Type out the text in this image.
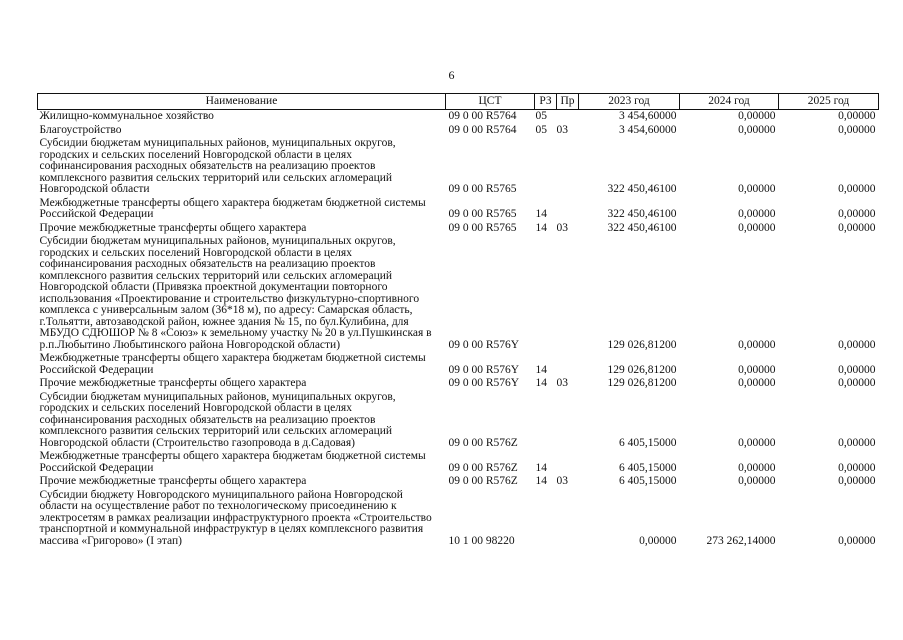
6
Наименование	ЦСТ	РЗ	Пр	2023 год	2024 год	2025 год
Жилищно-коммунальное хозяйство	09 0 00 R5764	05		3 454,60000	0,00000	0,00000
Благоустройство	09 0 00 R5764	05	03	3 454,60000	0,00000	0,00000
Субсидии бюджетам муниципальных районов, муниципальных округов, городских и сельских поселений Новгородской области в целях софинансирования расходных обязательств на реализацию проектов комплексного развития сельских территорий или сельских агломераций Новгородской области	09 0 00 R5765			322 450,46100	0,00000	0,00000
Межбюджетные трансферты общего характера бюджетам бюджетной системы Российской Федерации	09 0 00 R5765	14		322 450,46100	0,00000	0,00000
Прочие межбюджетные трансферты общего характера	09 0 00 R5765	14	03	322 450,46100	0,00000	0,00000
Субсидии бюджетам муниципальных районов, муниципальных округов, городских и сельских поселений Новгородской области в целях софинансирования расходных обязательств на реализацию проектов комплексного развития сельских территорий или сельских агломераций Новгородской области (Привязка проектной документации повторного использования «Проектирование и строительство физкультурно-спортивного комплекса с универсальным залом (36*18 м), по адресу: Самарская область, г.Тольятти, автозаводской район, южнее здания № 15, по бул.Кулибина, для МБУДО СДЮШОР № 8 «Союз» к земельному участку № 20 в ул.Пушкинская в р.п.Любытино Любытинского района Новгородской области)	09 0 00 R576Y			129 026,81200	0,00000	0,00000
Межбюджетные трансферты общего характера бюджетам бюджетной системы Российской Федерации	09 0 00 R576Y	14		129 026,81200	0,00000	0,00000
Прочие межбюджетные трансферты общего характера	09 0 00 R576Y	14	03	129 026,81200	0,00000	0,00000
Субсидии бюджетам муниципальных районов, муниципальных округов, городских и сельских поселений Новгородской области в целях софинансирования расходных обязательств на реализацию проектов комплексного развития сельских территорий или сельских агломераций Новгородской области (Строительство газопровода в д.Садовая)	09 0 00 R576Z			6 405,15000	0,00000	0,00000
Межбюджетные трансферты общего характера бюджетам бюджетной системы Российской Федерации	09 0 00 R576Z	14		6 405,15000	0,00000	0,00000
Прочие межбюджетные трансферты общего характера	09 0 00 R576Z	14	03	6 405,15000	0,00000	0,00000
Субсидии бюджету Новгородского муниципального района Новгородской области на осуществление работ по технологическому присоединению к электросетям в рамках реализации инфраструктурного проекта «Строительство транспортной и коммунальной инфраструктур в целях комплексного развития массива «Григорово» (I этап)	10 1 00 98220			0,00000	273 262,14000	0,00000
